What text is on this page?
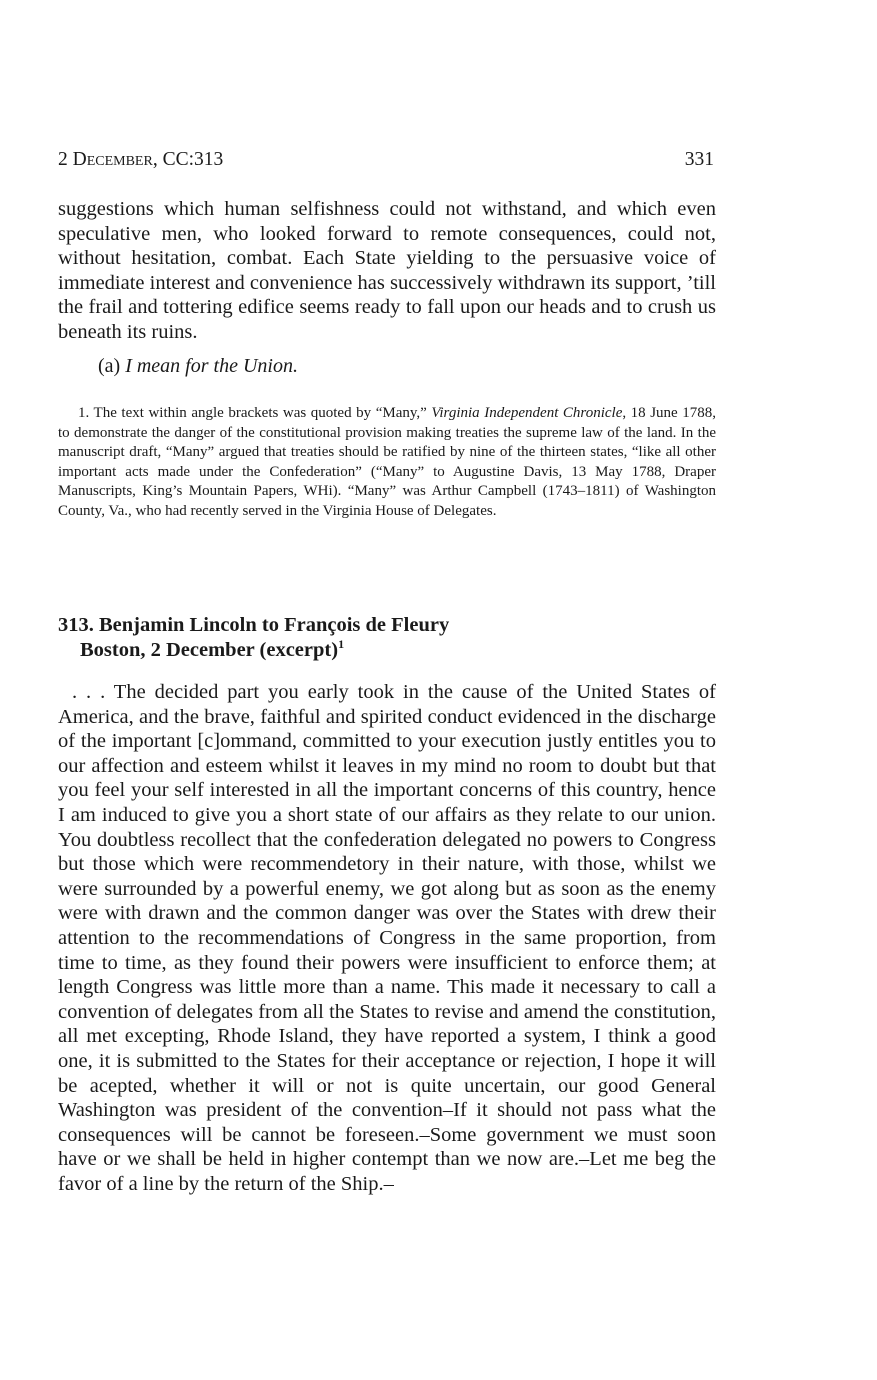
2 December, CC:313	331

suggestions which human selfishness could not withstand, and which even speculative men, who looked forward to remote consequences, could not, without hesitation, combat. Each State yielding to the persuasive voice of immediate interest and convenience has successively withdrawn its support, ’till the frail and tottering edifice seems ready to fall upon our heads and to crush us beneath its ruins.

(a) I mean for the Union.

1. The text within angle brackets was quoted by “Many,” Virginia Independent Chronicle, 18 June 1788, to demonstrate the danger of the constitutional provision making treaties the supreme law of the land. In the manuscript draft, “Many” argued that treaties should be ratified by nine of the thirteen states, “like all other important acts made under the Confederation” (“Many” to Augustine Davis, 13 May 1788, Draper Manuscripts, King’s Mountain Papers, WHi). “Many” was Arthur Campbell (1743–1811) of Washington County, Va., who had recently served in the Virginia House of Delegates.

313. Benjamin Lincoln to François de Fleury
Boston, 2 December (excerpt)$^1$

. . . The decided part you early took in the cause of the United States of America, and the brave, faithful and spirited conduct evidenced in the discharge of the important [c]ommand, committed to your execution justly entitles you to our affection and esteem whilst it leaves in my mind no room to doubt but that you feel your self interested in all the important concerns of this country, hence I am induced to give you a short state of our affairs as they relate to our union. You doubtless recollect that the confederation delegated no powers to Congress but those which were recommendetory in their nature, with those, whilst we were surrounded by a powerful enemy, we got along but as soon as the enemy were with drawn and the common danger was over the States with drew their attention to the recommendations of Congress in the same proportion, from time to time, as they found their powers were insufficient to enforce them; at length Congress was little more than a name. This made it necessary to call a convention of delegates from all the States to revise and amend the constitution, all met excepting, Rhode Island, they have reported a system, I think a good one, it is submitted to the States for their acceptance or rejection, I hope it will be acepted, whether it will or not is quite uncertain, our good General Washington was president of the convention–If it should not pass what the consequences will be cannot be foreseen.–Some government we must soon have or we shall be held in higher contempt than we now are.–Let me beg the favor of a line by the return of the Ship.–
